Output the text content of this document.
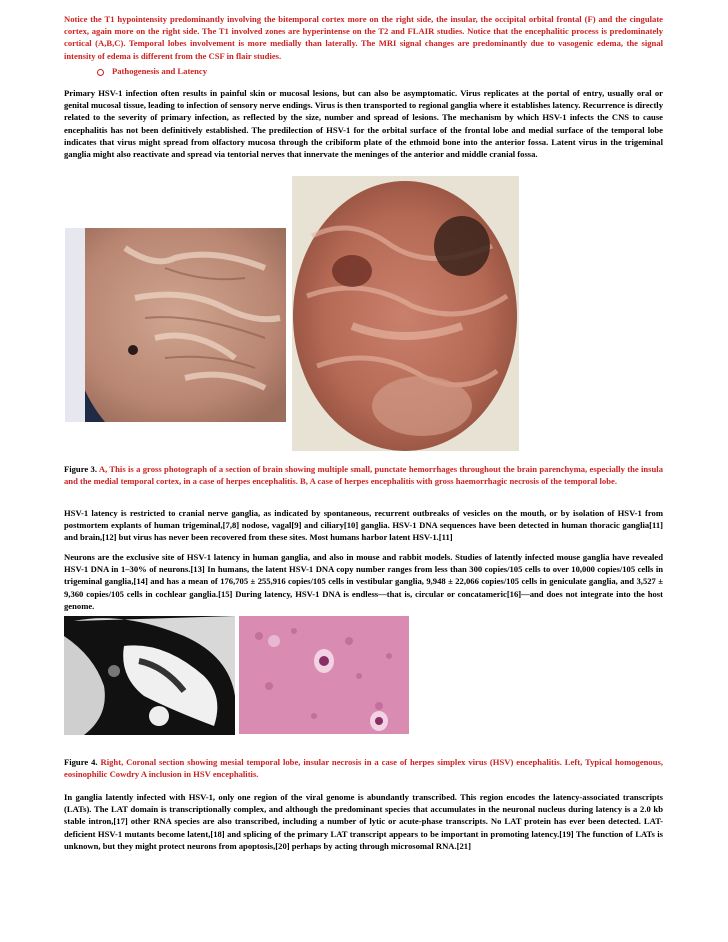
Notice the T1 hypointensity predominantly involving the bitemporal cortex more on the right side, the insular, the occipital orbital frontal (F) and the cingulate cortex, again more on the right side. The T1 involved zones are hyperintense on the T2 and FLAIR studies. Notice that the encephalitic process is predominately cortical (A,B,C). Temporal lobes involvement is more medially than laterally. The MRI signal changes are predominantly due to vasogenic edema, the signal intensity of edema is different from the CSF in flair studies.

Pathogenesis and Latency

Primary HSV-1 infection often results in painful skin or mucosal lesions, but can also be asymptomatic. Virus replicates at the portal of entry, usually oral or genital mucosal tissue, leading to infection of sensory nerve endings. Virus is then transported to regional ganglia where it establishes latency. Recurrence is directly related to the severity of primary infection, as reflected by the size, number and spread of lesions. The mechanism by which HSV-1 infects the CNS to cause encephalitis has not been definitively established. The predilection of HSV-1 for the orbital surface of the frontal lobe and medial surface of the temporal lobe indicates that virus might spread from olfactory mucosa through the cribiform plate of the ethmoid bone into the anterior fossa. Latent virus in the trigeminal ganglia might also reactivate and spread via tentorial nerves that innervate the meninges of the anterior and middle cranial fossa.

Figure 3. A, This is a gross photograph of a section of brain showing multiple small, punctate hemorrhages throughout the brain parenchyma, especially the insula and the medial temporal cortex, in a case of herpes encephalitis. B, A case of herpes encephalitis with gross haemorrhagic necrosis of the temporal lobe.

HSV-1 latency is restricted to cranial nerve ganglia, as indicated by spontaneous, recurrent outbreaks of vesicles on the mouth, or by isolation of HSV-1 from postmortem explants of human trigeminal,[7,8] nodose, vagal[9] and ciliary[10] ganglia. HSV-1 DNA sequences have been detected in human thoracic ganglia[11] and brain,[12] but virus has never been recovered from these sites. Most humans harbor latent HSV-1.[11]

Neurons are the exclusive site of HSV-1 latency in human ganglia, and also in mouse and rabbit models. Studies of latently infected mouse ganglia have revealed HSV-1 DNA in 1–30% of neurons.[13] In humans, the latent HSV-1 DNA copy number ranges from less than 300 copies/105 cells to over 10,000 copies/105 cells in trigeminal ganglia,[14] and has a mean of 176,705 ± 255,916 copies/105 cells in vestibular ganglia, 9,948 ± 22,066 copies/105 cells in geniculate ganglia, and 3,527 ± 9,360 copies/105 cells in cochlear ganglia.[15] During latency, HSV-1 DNA is endless—that is, circular or concatameric[16]—and does not integrate into the host genome.

Figure 4. Right, Coronal section showing mesial temporal lobe, insular necrosis in a case of herpes simplex virus (HSV) encephalitis. Left, Typical homogenous, eosinophilic Cowdry A inclusion in HSV encephalitis.

In ganglia latently infected with HSV-1, only one region of the viral genome is abundantly transcribed. This region encodes the latency-associated transcripts (LATs). The LAT domain is transcriptionally complex, and although the predominant species that accumulates in the neuronal nucleus during latency is a 2.0 kb stable intron,[17] other RNA species are also transcribed, including a number of lytic or acute-phase transcripts. No LAT protein has ever been detected. LAT-deficient HSV-1 mutants become latent,[18] and splicing of the primary LAT transcript appears to be important in promoting latency.[19] The function of LATs is unknown, but they might protect neurons from apoptosis,[20] perhaps by acting through microsomal RNA.[21]
